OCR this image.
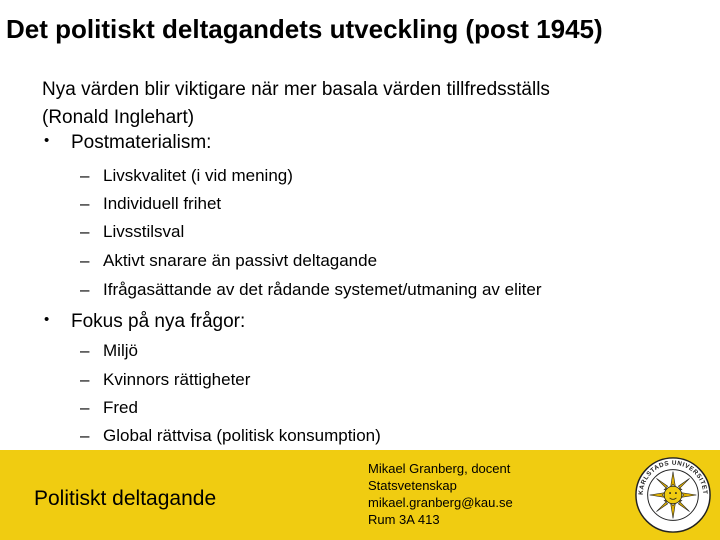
Det politiskt deltagandets utveckling (post 1945)
Nya värden blir viktigare när mer basala värden tillfredsställs
(Ronald Inglehart)
• Postmaterialism:
– Livskvalitet (i vid mening)
– Individuell frihet
– Livsstilsval
– Aktivt snarare än passivt deltagande
– Ifrågasättande av det rådande systemet/utmaning av eliter
• Fokus på nya frågor:
– Miljö
– Kvinnors rättigheter
– Fred
– Global rättvisa (politisk konsumption)
Politiskt deltagande
Mikael Granberg, docent
Statsvetenskap
mikael.granberg@kau.se
Rum 3A 413
KARLSTADS UNIVERSITET
